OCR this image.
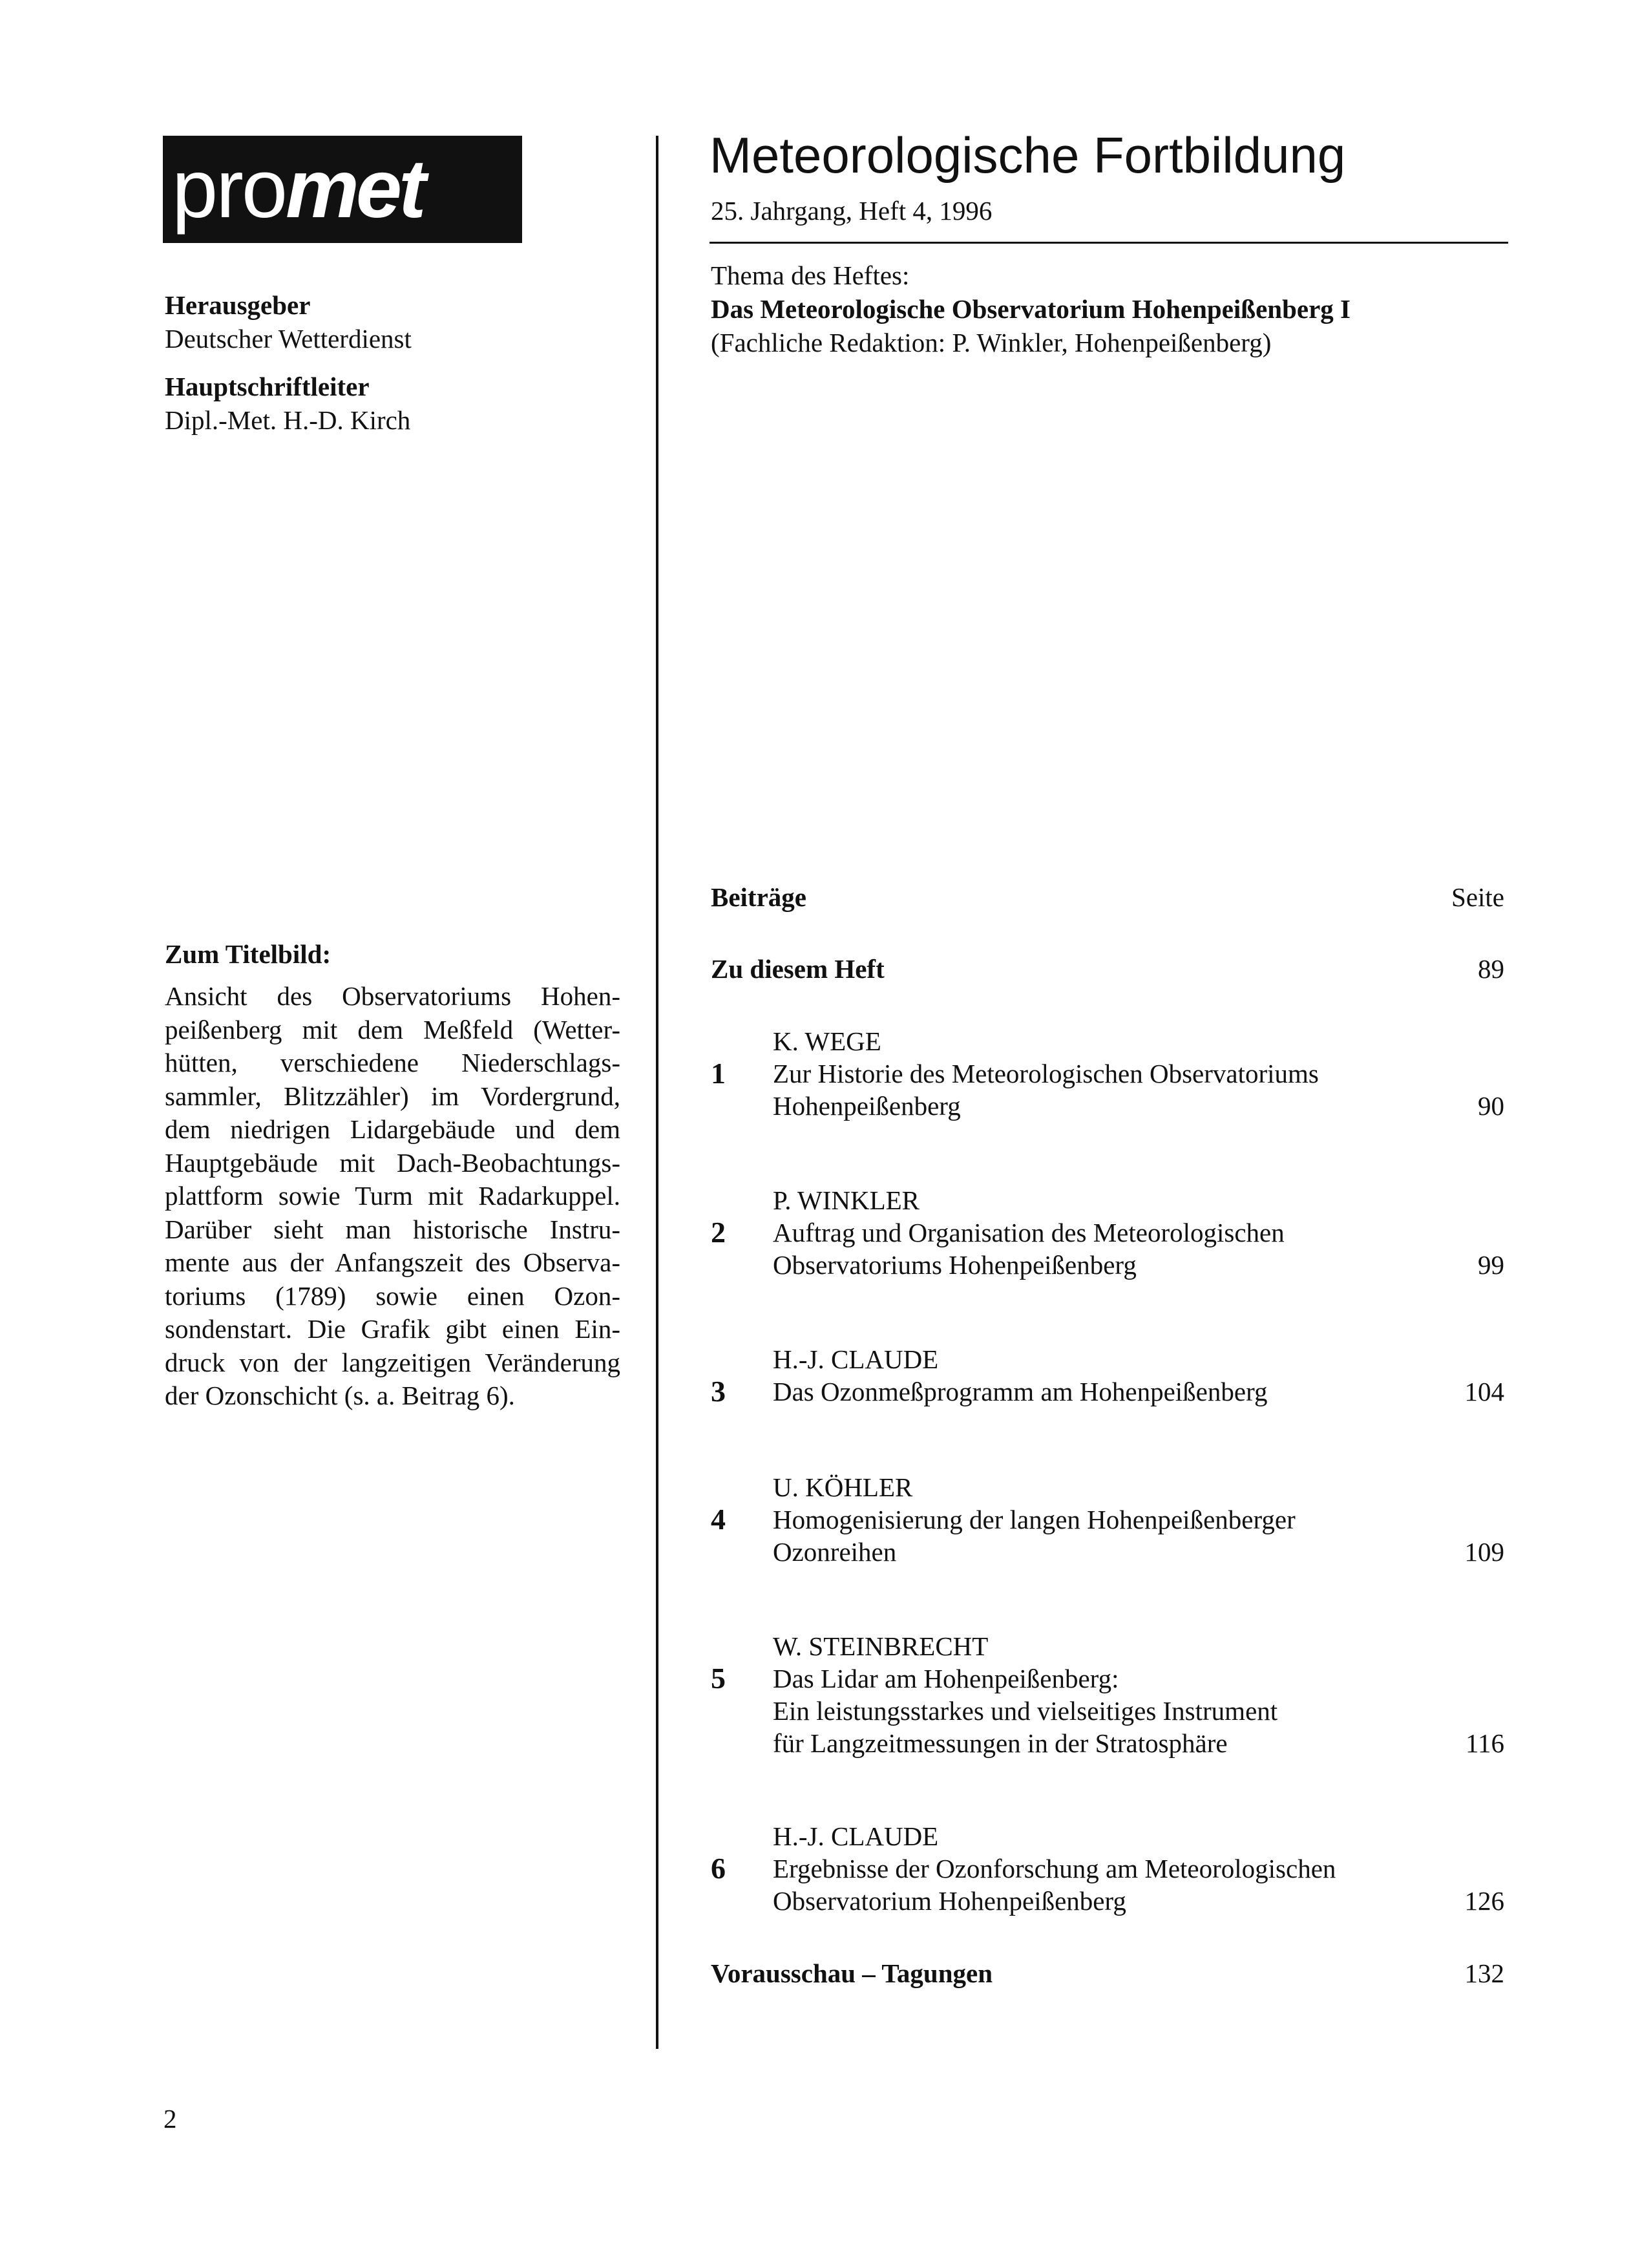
pro met
Herausgeber
Deutscher Wetterdienst
Hauptschriftleiter
Dipl.-Met. H.-D. Kirch
Zum Titelbild:
Ansicht des Observatoriums Hohen-
peißenberg mit dem Meßfeld (Wetter-
hütten, verschiedene Niederschlags-
sammler, Blitzzähler) im Vordergrund,
dem niedrigen Lidargebäude und dem
Hauptgebäude mit Dach-Beobachtungs-
plattform sowie Turm mit Radarkuppel.
Darüber sieht man historische Instru-
mente aus der Anfangszeit des Observa-
toriums (1789) sowie einen Ozon-
sondenstart. Die Grafik gibt einen Ein-
druck von der langzeitigen Veränderung
der Ozonschicht (s. a. Beitrag 6).
Meteorologische Fortbildung
25. Jahrgang, Heft 4, 1996
Thema des Heftes:
Das Meteorologische Observatorium Hohenpeißenberg I
(Fachliche Redaktion: P. Winkler, Hohenpeißenberg)
Beiträge	Seite
Zu diesem Heft	89
1
K. WEGE
Zur Historie des Meteorologischen Observatoriums
Hohenpeißenberg	90
2
P. WINKLER
Auftrag und Organisation des Meteorologischen
Observatoriums Hohenpeißenberg	99
3
H.-J. CLAUDE
Das Ozonmeßprogramm am Hohenpeißenberg	104
4
U. KÖHLER
Homogenisierung der langen Hohenpeißenberger
Ozonreihen	109
5
W. STEINBRECHT
Das Lidar am Hohenpeißenberg:
Ein leistungsstarkes und vielseitiges Instrument
für Langzeitmessungen in der Stratosphäre	116
6
H.-J. CLAUDE
Ergebnisse der Ozonforschung am Meteorologischen
Observatorium Hohenpeißenberg	126
Vorausschau – Tagungen	132
2
